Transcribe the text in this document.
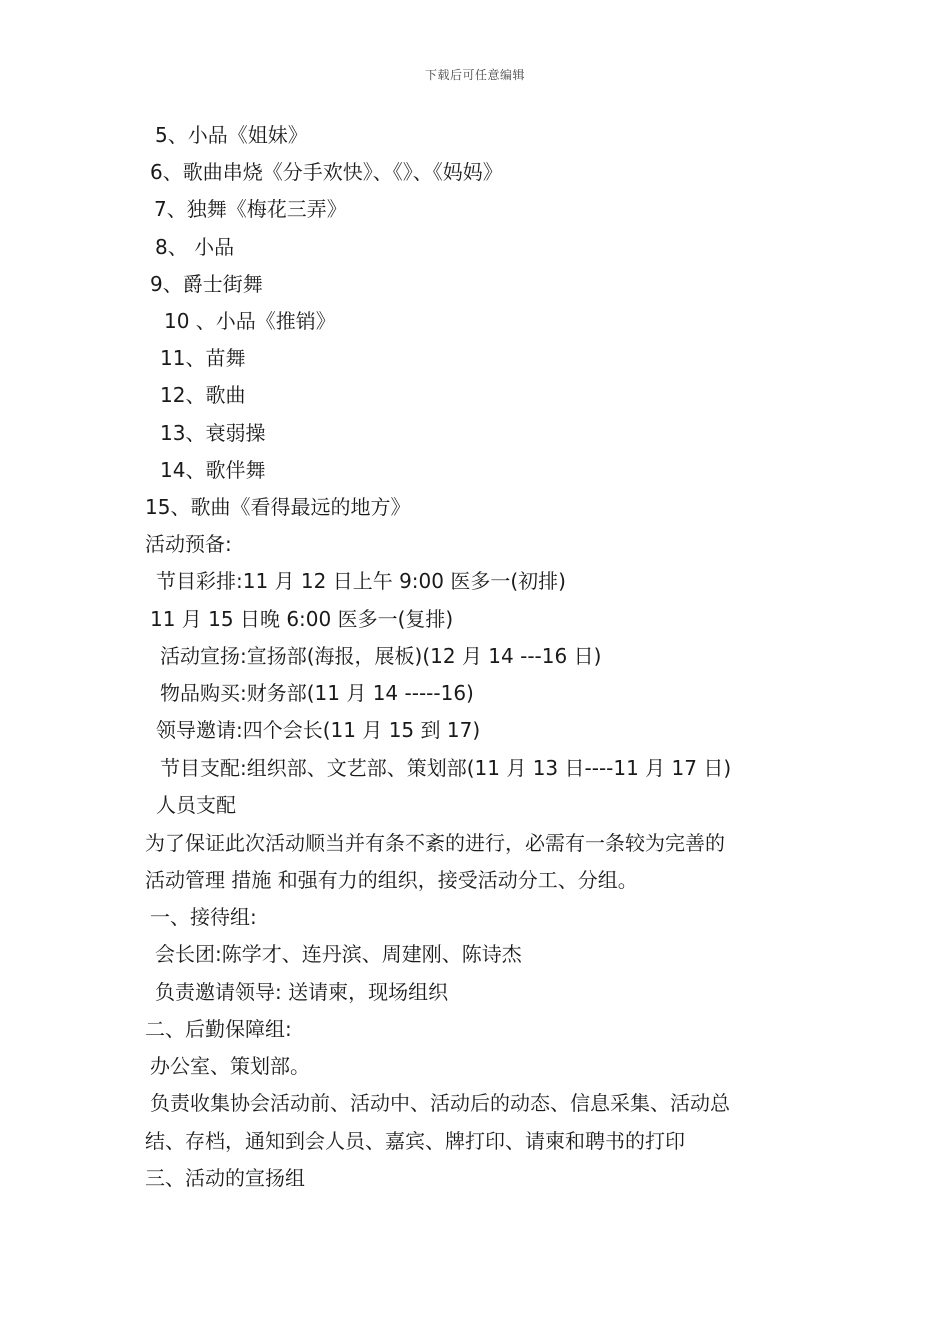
下载后可任意编辑
5、小品《姐妹》
6、歌曲串烧《分手欢快》、《》、《妈妈》
7、独舞《梅花三弄》
8、 小品
9、爵士街舞
10 、小品《推销》
11、苗舞
12、歌曲
13、衰弱操
14、歌伴舞
15、歌曲《看得最远的地方》
活动预备:
节目彩排:11 月 12 日上午 9:00 医多一(初排)
11 月 15 日晚 6:00 医多一(复排)
活动宣扬:宣扬部(海报，展板)(12 月 14 ---16 日)
物品购买:财务部(11 月 14 -----16)
领导邀请:四个会长(11 月 15 到 17)
节目支配:组织部、文艺部、策划部(11 月 13 日----11 月 17 日)
人员支配
为了保证此次活动顺当并有条不紊的进行，必需有一条较为完善的
活动管理 措施 和强有力的组织，接受活动分工、分组。
一、接待组:
会长团:陈学才、连丹滨、周建刚、陈诗杰
负责邀请领导: 送请柬，现场组织
二、后勤保障组:
办公室、策划部。
负责收集协会活动前、活动中、活动后的动态、信息采集、活动总
结、存档，通知到会人员、嘉宾、牌打印、请柬和聘书的打印
三、活动的宣扬组
